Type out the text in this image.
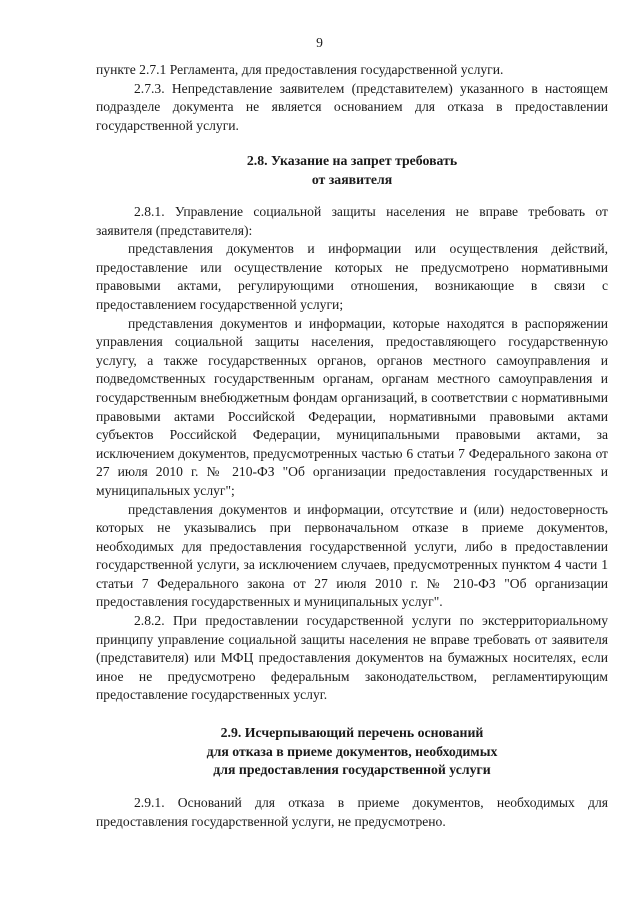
9

пункте 2.7.1 Регламента, для предоставления государственной услуги.

2.7.3. Непредставление заявителем (представителем) указанного в настоящем подразделе документа не является основанием для отказа в предоставлении государственной услуги.

2.8. Указание на запрет требовать
от заявителя

2.8.1. Управление социальной защиты населения не вправе требовать от заявителя (представителя):

представления документов и информации или осуществления действий, предоставление или осуществление которых не предусмотрено нормативными правовыми актами, регулирующими отношения, возникающие в связи с предоставлением государственной услуги;

представления документов и информации, которые находятся в распоряжении управления социальной защиты населения, предоставляющего государственную услугу, а также государственных органов, органов местного самоуправления и подведомственных государственным органам, органам местного самоуправления и государственным внебюджетным фондам организаций, в соответствии с нормативными правовыми актами Российской Федерации, нормативными правовыми актами субъектов Российской Федерации, муниципальными правовыми актами, за исключением документов, предусмотренных частью 6 статьи 7 Федерального закона от 27 июля 2010 г. № 210-ФЗ "Об организации предоставления государственных и муниципальных услуг";

представления документов и информации, отсутствие и (или) недостоверность которых не указывались при первоначальном отказе в приеме документов, необходимых для предоставления государственной услуги, либо в предоставлении государственной услуги, за исключением случаев, предусмотренных пунктом 4 части 1 статьи 7 Федерального закона от 27 июля 2010 г. № 210-ФЗ "Об организации предоставления государственных и муниципальных услуг".

2.8.2. При предоставлении государственной услуги по экстерриториальному принципу управление социальной защиты населения не вправе требовать от заявителя (представителя) или МФЦ предоставления документов на бумажных носителях, если иное не предусмотрено федеральным законодательством, регламентирующим предоставление государственных услуг.

2.9. Исчерпывающий перечень оснований
для отказа в приеме документов, необходимых
для предоставления государственной услуги

2.9.1. Оснований для отказа в приеме документов, необходимых для предоставления государственной услуги, не предусмотрено.
